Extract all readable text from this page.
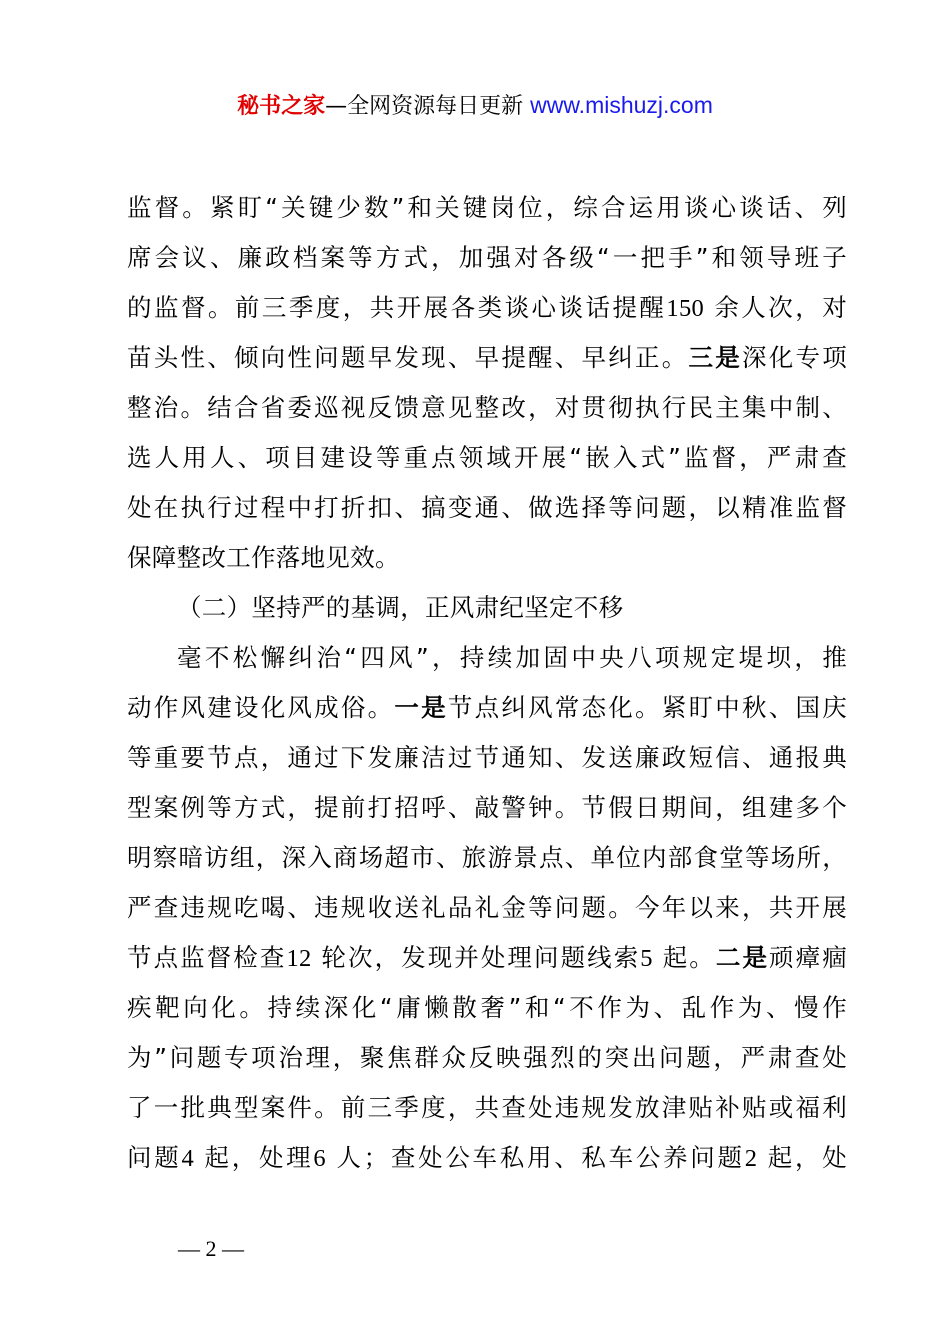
秘书之家—全网资源每日更新 www.mishuzj.com
监督。紧盯“关键少数”和关键岗位，综合运用谈心谈话、列
席会议、廉政档案等方式，加强对各级“一把手”和领导班子
的监督。前三季度，共开展各类谈心谈话提醒150 余人次，对
苗头性、倾向性问题早发现、早提醒、早纠正。三是深化专项
整治。结合省委巡视反馈意见整改，对贯彻执行民主集中制、
选人用人、项目建设等重点领域开展“嵌入式”监督，严肃查
处在执行过程中打折扣、搞变通、做选择等问题，以精准监督
保障整改工作落地见效。
（二）坚持严的基调，正风肃纪坚定不移
毫不松懈纠治“四风”，持续加固中央八项规定堤坝，推
动作风建设化风成俗。一是节点纠风常态化。紧盯中秋、国庆
等重要节点，通过下发廉洁过节通知、发送廉政短信、通报典
型案例等方式，提前打招呼、敲警钟。节假日期间，组建多个
明察暗访组，深入商场超市、旅游景点、单位内部食堂等场所，
严查违规吃喝、违规收送礼品礼金等问题。今年以来，共开展
节点监督检查12 轮次，发现并处理问题线索5 起。二是顽瘴痼
疾靶向化。持续深化“庸懒散奢”和“不作为、乱作为、慢作
为”问题专项治理，聚焦群众反映强烈的突出问题，严肃查处
了一批典型案件。前三季度，共查处违规发放津贴补贴或福利
问题4 起，处理6 人；查处公车私用、私车公养问题2 起，处
— 2 —
